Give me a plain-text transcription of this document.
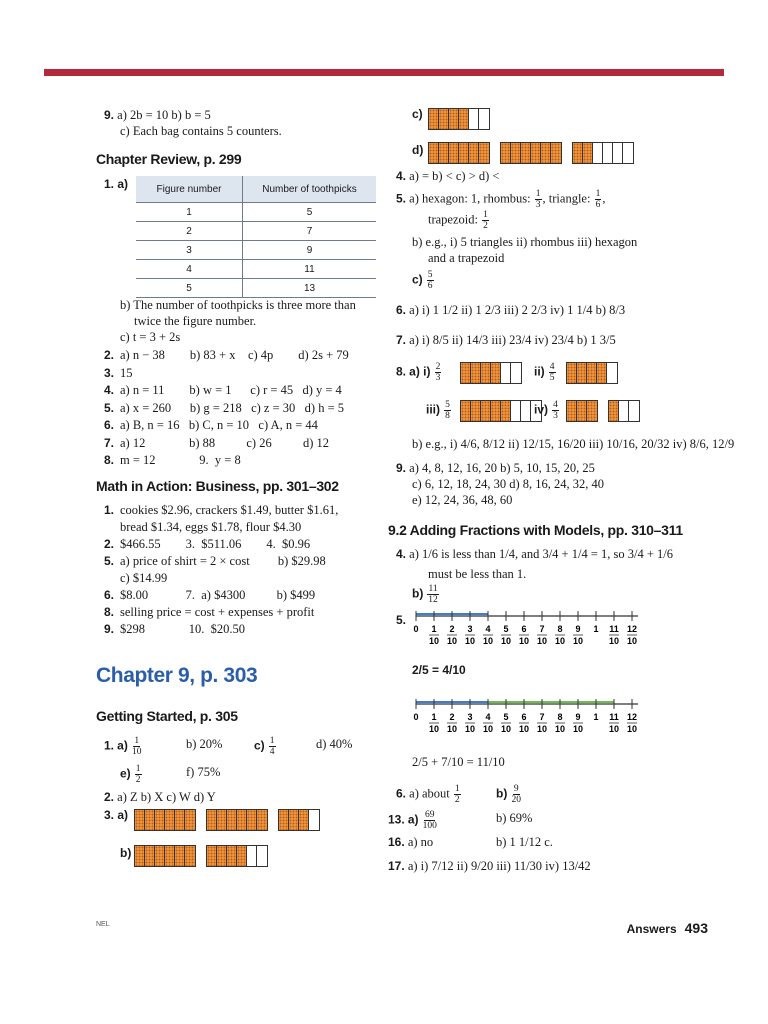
9. a) 2b = 10 b) b = 5
c) Each bag contains 5 counters.
Chapter Review, p. 299
1. a)	Figure number	Number of toothpicks
1	5
2	7
3	9
4	11
5	13
b) The number of toothpicks is three more than
twice the figure number.
c) t = 3 + 2s
2. a) n − 38        b) 83 + x    c) 4p        d) 2s + 79
3. 15
4. a) n = 11        b) w = 1      c) r = 45   d) y = 4
5. a) x = 260      b) g = 218   c) z = 30   d) h = 5
6. a) B, n = 16   b) C, n = 10   c) A, n = 44
7. a) 12              b) 88          c) 26          d) 12
8. m = 12              9.  y = 8
Math in Action: Business, pp. 301–302
1. cookies $2.96, crackers $1.49, butter $1.61,
bread $1.34, eggs $1.78, flour $4.30
2. $466.55        3.  $511.06        4.  $0.96
5. a) price of shirt = 2 × cost         b) $29.98
c) $14.99
6. $8.00            7.  a) $4300          b) $499
8. selling price = cost + expenses + profit
9. $298              10.  $20.50
Chapter 9, p. 303
Getting Started, p. 305
1. $a) \frac{1}{10}$	b) 20%	$c) \frac{1}{4}$	d) 40%
$e) \frac{1}{2}$	f) 75%
2. a) Z b) X c) W d) Y
3. a)
b)
c)
d)
4. a) = b) < c) > d) <
5. a) hexagon: 1, rhombus: $\frac{1}{3}$ , triangle: $\frac{1}{6}$ ,
trapezoid: $\frac{1}{2}$
b) e.g., i) 5 triangles ii) rhombus iii) hexagon
and a trapezoid
$c) \frac{5}{6}$
6. a) i) 1 1/2 ii) 1 2/3 iii) 2 2/3 iv) 1 1/4 b) 8/3
7. a) i) 8/5 ii) 14/3 iii) 23/4 iv) 23/4 b) 1 3/5
8. a) $i) \frac{2}{3}$	$ii) \frac{4}{5}$
$iii) \frac{5}{8}$	$iv) \frac{4}{3}$
b) e.g., i) 4/6, 8/12 ii) 12/15, 16/20 iii) 10/16, 20/32 iv) 8/6, 12/9
9. a) 4, 8, 12, 16, 20 b) 5, 10, 15, 20, 25
c) 6, 12, 18, 24, 30 d) 8, 16, 24, 32, 40
e) 12, 24, 36, 48, 60
9.2 Adding Fractions with Models, pp. 310–311
4. a) 1/6 is less than 1/4, and 3/4 + 1/4 = 1, so 3/4 + 1/6
must be less than 1.
$b) \frac{11}{12}$
5.
0 1
10
2
10
3
10
4
10
5
10
6
10
7
10
8
10
9
10
1 11
10
12
10
2/5 = 4/10
0 1
10
2
10
3
10
4
10
5
10
6
10
7
10
8
10
9
10
1 11
10
12
10
2/5 + 7/10 = 11/10
6. a) about $\frac{1}{2}$	$b) \frac{9}{20}$
13. $a) \frac{69}{100}$	b) 69%
16. a) no	b) 1 1/12 c.
17. a) i) 7/12 ii) 9/20 iii) 11/30 iv) 13/42
NEL	Answers 493
